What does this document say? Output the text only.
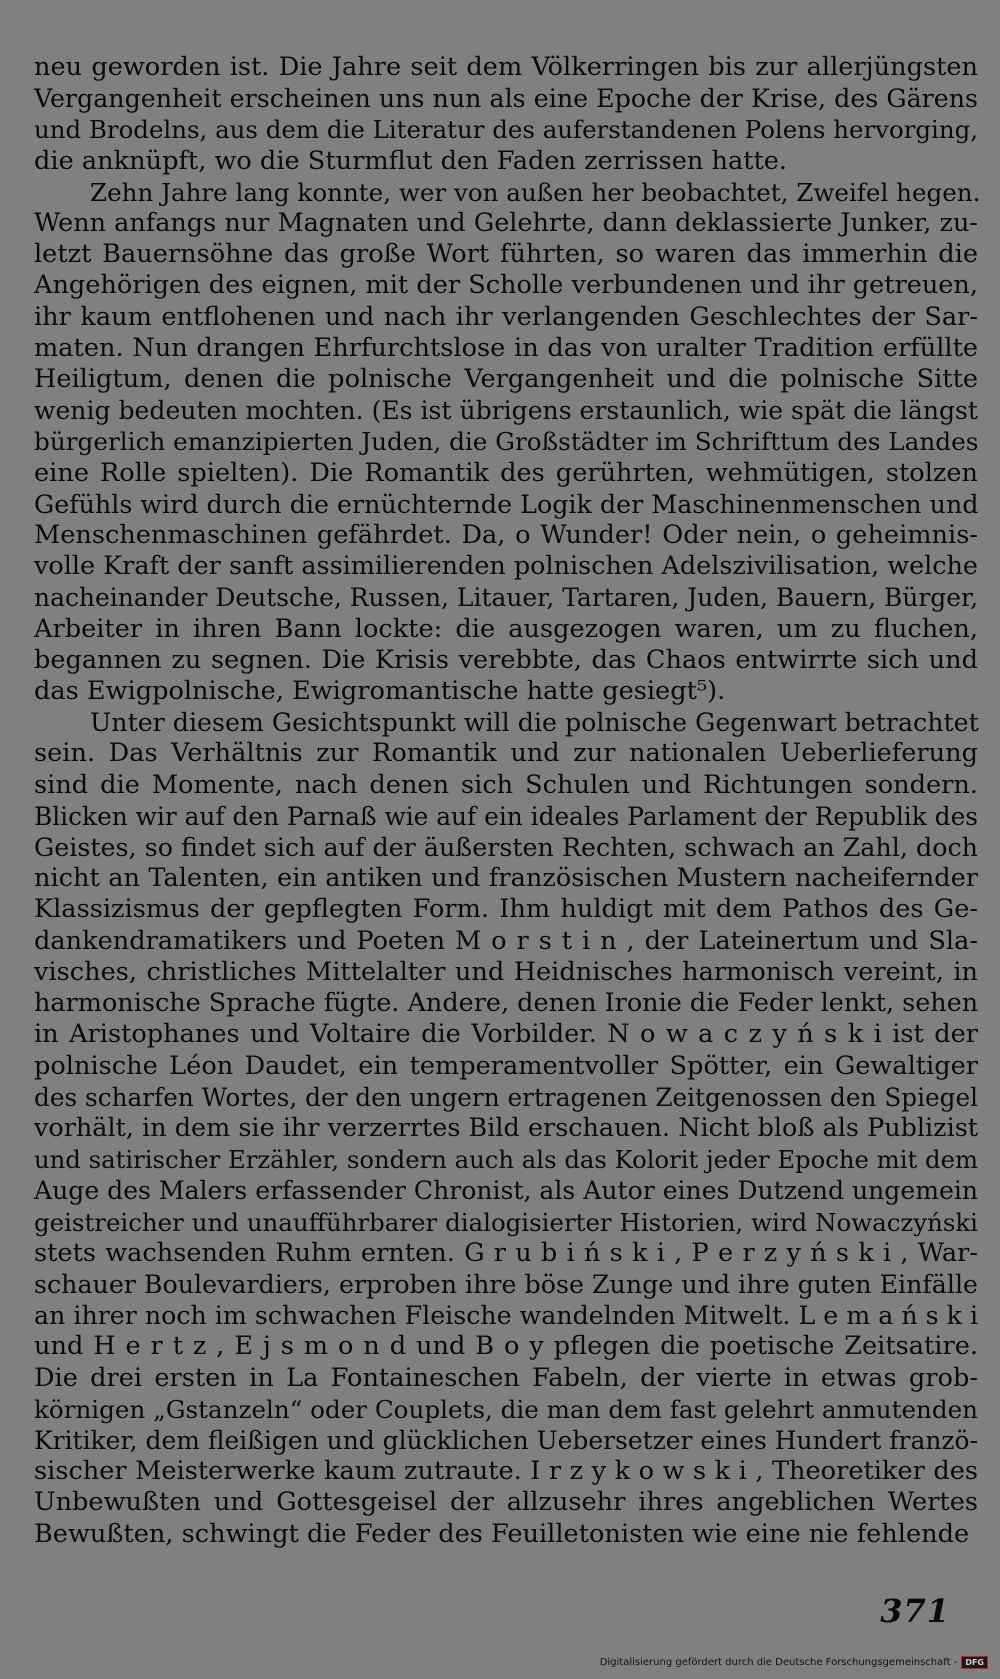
neu geworden ist. Die Jahre seit dem Völkerringen bis zur allerjüngsten
Vergangenheit erscheinen uns nun als eine Epoche der Krise, des Gärens
und Brodelns, aus dem die Literatur des auferstandenen Polens hervorging,
die anknüpft, wo die Sturmflut den Faden zerrissen hatte.
Zehn Jahre lang konnte, wer von außen her beobachtet, Zweifel hegen.
Wenn anfangs nur Magnaten und Gelehrte, dann deklassierte Junker, zu-
letzt Bauernsöhne das große Wort führten, so waren das immerhin die
Angehörigen des eignen, mit der Scholle verbundenen und ihr getreuen,
ihr kaum entflohenen und nach ihr verlangenden Geschlechtes der Sar-
maten. Nun drangen Ehrfurchtslose in das von uralter Tradition erfüllte
Heiligtum, denen die polnische Vergangenheit und die polnische Sitte
wenig bedeuten mochten. (Es ist übrigens erstaunlich, wie spät die längst
bürgerlich emanzipierten Juden, die Großstädter im Schrifttum des Landes
eine Rolle spielten). Die Romantik des gerührten, wehmütigen, stolzen
Gefühls wird durch die ernüchternde Logik der Maschinenmenschen und
Menschenmaschinen gefährdet. Da, o Wunder! Oder nein, o geheimnis-
volle Kraft der sanft assimilierenden polnischen Adelszivilisation, welche
nacheinander Deutsche, Russen, Litauer, Tartaren, Juden, Bauern, Bürger,
Arbeiter in ihren Bann lockte: die ausgezogen waren, um zu fluchen,
begannen zu segnen. Die Krisis verebbte, das Chaos entwirrte sich und
das Ewigpolnische, Ewigromantische hatte gesiegt⁵).
Unter diesem Gesichtspunkt will die polnische Gegenwart betrachtet
sein. Das Verhältnis zur Romantik und zur nationalen Ueberlieferung
sind die Momente, nach denen sich Schulen und Richtungen sondern.
Blicken wir auf den Parnaß wie auf ein ideales Parlament der Republik des
Geistes, so findet sich auf der äußersten Rechten, schwach an Zahl, doch
nicht an Talenten, ein antiken und französischen Mustern nacheifernder
Klassizismus der gepflegten Form. Ihm huldigt mit dem Pathos des Ge-
dankendramatikers und Poeten M o r s t i n , der Lateinertum und Sla-
visches, christliches Mittelalter und Heidnisches harmonisch vereint, in
harmonische Sprache fügte. Andere, denen Ironie die Feder lenkt, sehen
in Aristophanes und Voltaire die Vorbilder. N o w a c z y ń s k i ist der
polnische Léon Daudet, ein temperamentvoller Spötter, ein Gewaltiger
des scharfen Wortes, der den ungern ertragenen Zeitgenossen den Spiegel
vorhält, in dem sie ihr verzerrtes Bild erschauen. Nicht bloß als Publizist
und satirischer Erzähler, sondern auch als das Kolorit jeder Epoche mit dem
Auge des Malers erfassender Chronist, als Autor eines Dutzend ungemein
geistreicher und unaufführbarer dialogisierter Historien, wird Nowaczyński
stets wachsenden Ruhm ernten. G r u b i ń s k i , P e r z y ń s k i , War-
schauer Boulevardiers, erproben ihre böse Zunge und ihre guten Einfälle
an ihrer noch im schwachen Fleische wandelnden Mitwelt. L e m a ń s k i
und H e r t z , E j s m o n d und B o y pflegen die poetische Zeitsatire.
Die drei ersten in La Fontaineschen Fabeln, der vierte in etwas grob-
körnigen „Gstanzeln“ oder Couplets, die man dem fast gelehrt anmutenden
Kritiker, dem fleißigen und glücklichen Uebersetzer eines Hundert franzö-
sischer Meisterwerke kaum zutraute. I r z y k o w s k i , Theoretiker des
Unbewußten und Gottesgeisel der allzusehr ihres angeblichen Wertes
Bewußten, schwingt die Feder des Feuilletonisten wie eine nie fehlende
371
Digitalisierung gefördert durch die Deutsche Forschungsgemeinschaft -	DFG
